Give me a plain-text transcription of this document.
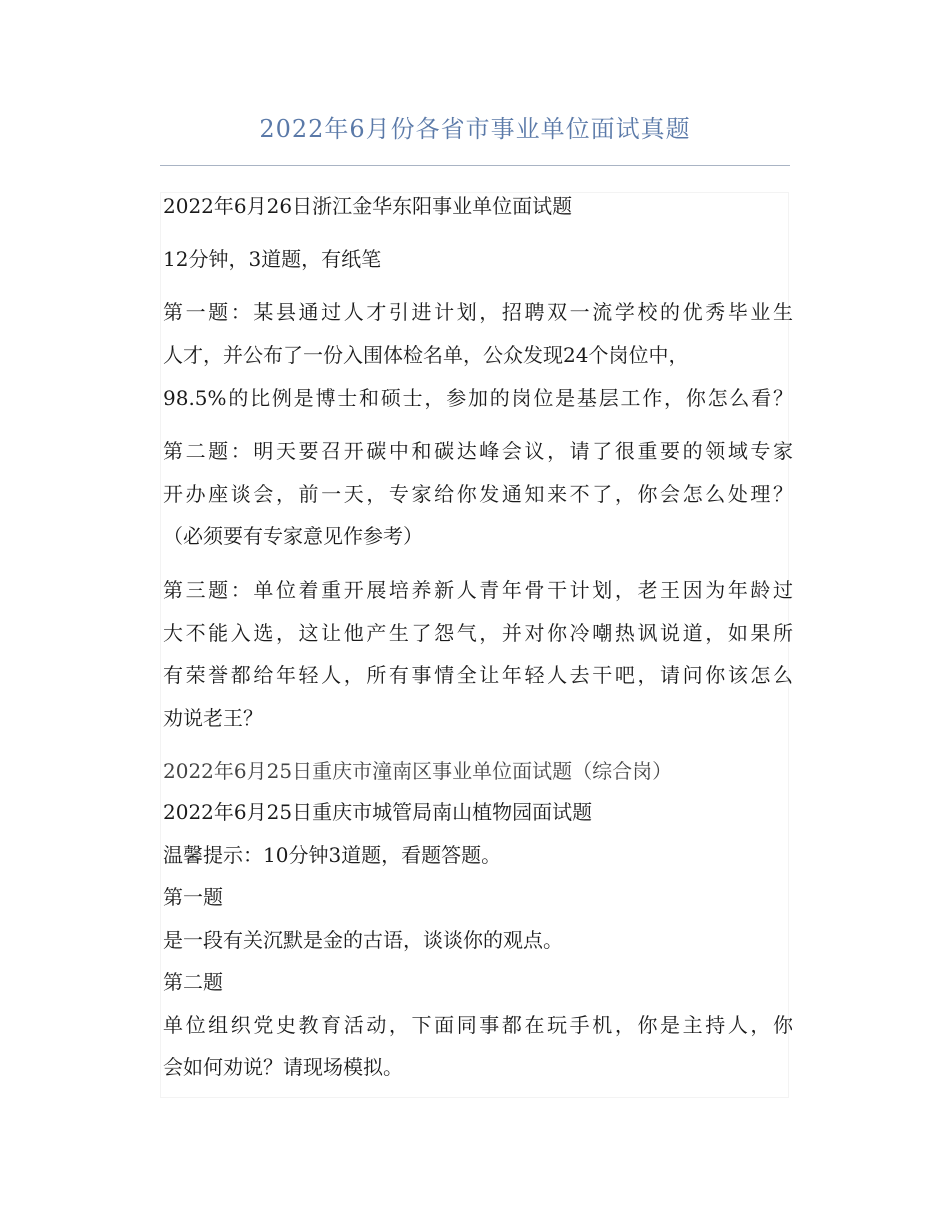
2022年6月份各省市事业单位面试真题
2022年6月26日浙江金华东阳事业单位面试题
12分钟，3道题，有纸笔
第一题：某县通过人才引进计划，招聘双一流学校的优秀毕业生
人才，并公布了一份入围体检名单，公众发现24个岗位中，
98.5%的比例是博士和硕士，参加的岗位是基层工作，你怎么看？
第二题：明天要召开碳中和碳达峰会议，请了很重要的领域专家
开办座谈会，前一天，专家给你发通知来不了，你会怎么处理？
（必须要有专家意见作参考）
第三题：单位着重开展培养新人青年骨干计划，老王因为年龄过
大不能入选，这让他产生了怨气，并对你冷嘲热讽说道，如果所
有荣誉都给年轻人，所有事情全让年轻人去干吧，请问你该怎么
劝说老王？
2022年6月25日重庆市潼南区事业单位面试题（综合岗）
2022年6月25日重庆市城管局南山植物园面试题
温馨提示：10分钟3道题，看题答题。
第一题
是一段有关沉默是金的古语，谈谈你的观点。
第二题
单位组织党史教育活动，下面同事都在玩手机，你是主持人，你
会如何劝说？请现场模拟。
